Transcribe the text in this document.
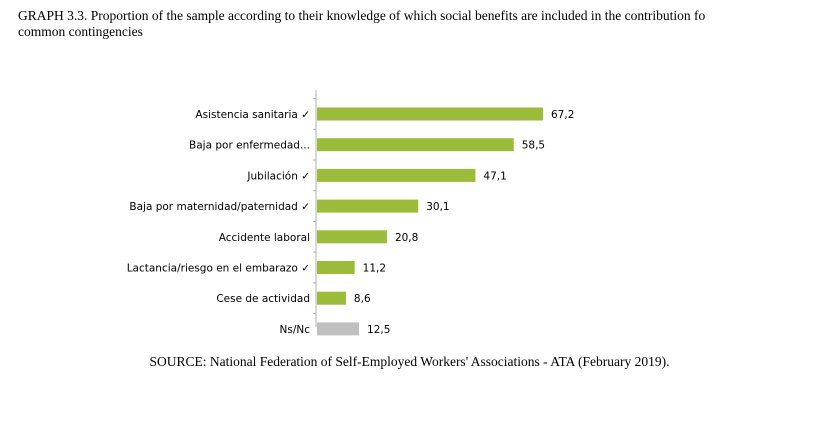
GRAPH 3.3. Proportion of the sample according to their knowledge of which social benefits are included in the contribution fo
common contingencies
Asistencia sanitaria ✓	67,2
Baja por enfermedad...	58,5
Jubilación ✓	47,1
Baja por maternidad/paternidad ✓	30,1
Accidente laboral	20,8
Lactancia/riesgo en el embarazo ✓	11,2
Cese de actividad	8,6
Ns/Nc	12,5
SOURCE: National Federation of Self-Employed Workers' Associations - ATA (February 2019).
